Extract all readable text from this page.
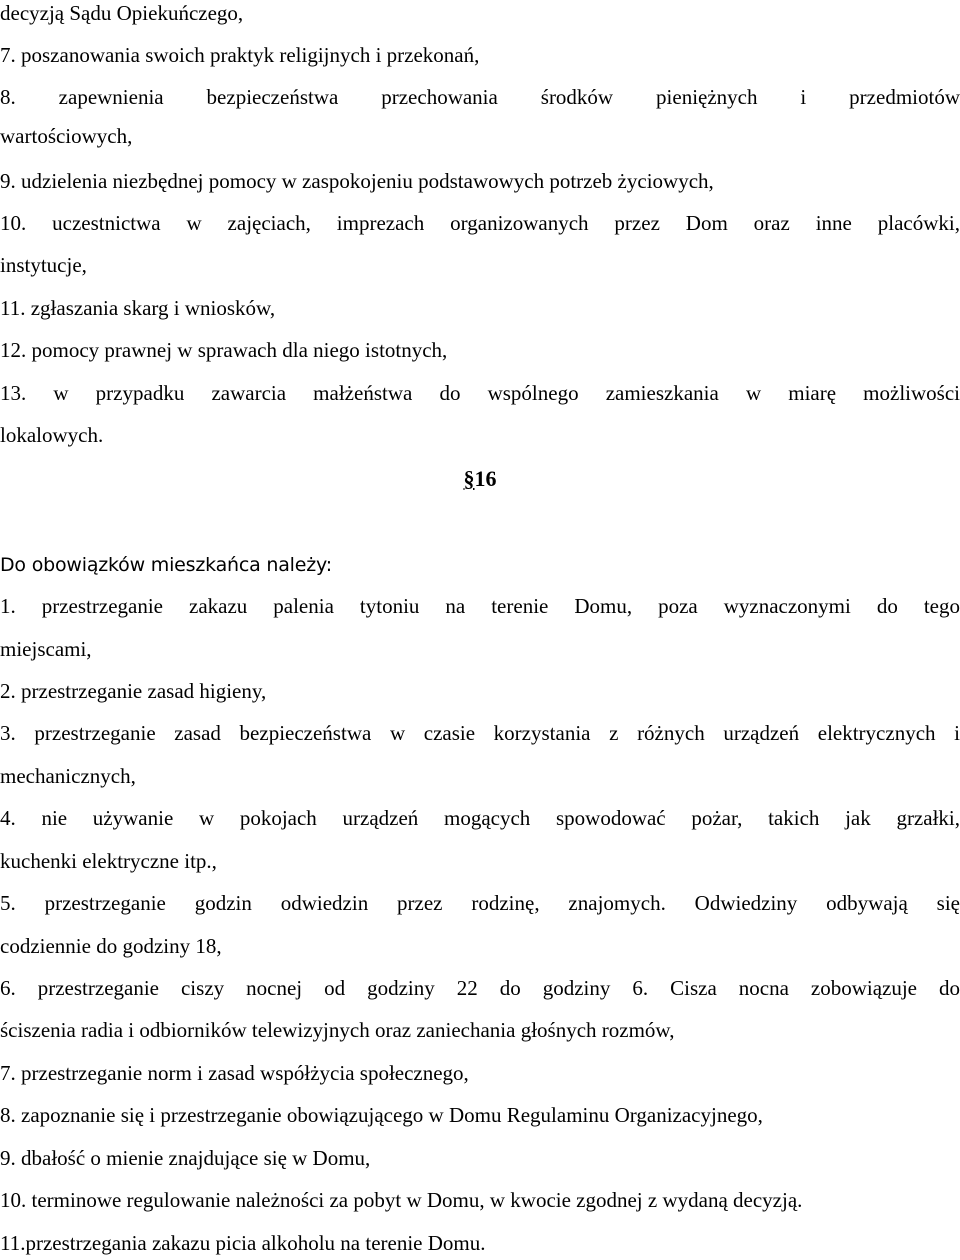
decyzją Sądu Opiekuńczego,
7. poszanowania swoich praktyk religijnych i przekonań,
8. zapewnienia bezpieczeństwa przechowania środków pieniężnych i przedmiotów
wartościowych,
9. udzielenia niezbędnej pomocy w zaspokojeniu podstawowych potrzeb życiowych,
10. uczestnictwa w zajęciach, imprezach organizowanych przez Dom oraz inne placówki,
instytucje,
11. zgłaszania skarg i wniosków,
12. pomocy prawnej w sprawach dla niego istotnych,
13. w przypadku zawarcia małżeństwa do wspólnego zamieszkania w miarę możliwości
lokalowych.
§16
Do obowiązków mieszkańca należy:
1. przestrzeganie zakazu palenia tytoniu na terenie Domu, poza wyznaczonymi do tego
miejscami,
2. przestrzeganie zasad higieny,
3. przestrzeganie zasad bezpieczeństwa w czasie korzystania z różnych urządzeń elektrycznych i
mechanicznych,
4. nie używanie w pokojach urządzeń mogących spowodować pożar, takich jak grzałki,
kuchenki elektryczne itp.,
5. przestrzeganie godzin odwiedzin przez rodzinę, znajomych. Odwiedziny odbywają się
codziennie do godziny 18,
6. przestrzeganie ciszy nocnej od godziny 22 do godziny 6. Cisza nocna zobowiązuje do
ściszenia radia i odbiorników telewizyjnych oraz zaniechania głośnych rozmów,
7. przestrzeganie norm i zasad współżycia społecznego,
8. zapoznanie się i przestrzeganie obowiązującego w Domu Regulaminu Organizacyjnego,
9. dbałość o mienie znajdujące się w Domu,
10. terminowe regulowanie należności za pobyt w Domu, w kwocie zgodnej z wydaną decyzją.
11.przestrzegania zakazu picia alkoholu na terenie Domu.
